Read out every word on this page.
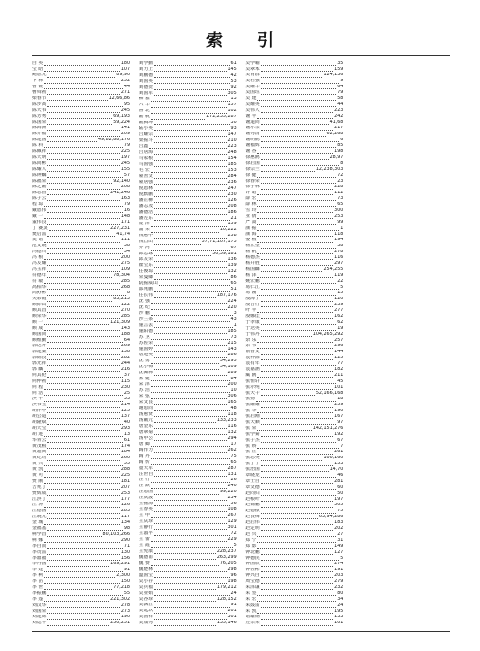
索 引
白 英	180
宝 昭	107
鲍思光	89,90
卞 林	252
曹 锐	44
曹舜初	271
柴春节	12,66,86
陈步高	95
陈大书	245
陈芳秀	69,193
陈国荣	59,224
陈海洲	141
陈介福	209
陈建国	49,82,88,176
陈 科	79
陈佩祥	225
陈天明	197
陈同彬	245
陈耀人	155
陈钟麟	57
陈福荣	92,140
陈之陆	208
陈志由	241,246
陈子云	163
程 琼	79
戴恩伟	16
戴 一	148
董伟良	171
丁 赛灵	227,231
樊启富	41,74
樊 诸	111
范文晓	38
冯德川	54
冯 根	200
冯友耀	275
冯玉祥	109
符德年	78,304
符 敏	285
高柏华	268
高野彬	8
关彩霞	83,213
顾仰山	122
顾其昌	270
顾荣华	285
顾 一	121,309
顾 成	143
顾国同	188
顾维勤	64
郭达开	269
郭建棠	138
郭锦良	282
郭光祥	244
郭 麟	216
何其伦	37
何仲初	115
何 程	230
何 浩	25
洪 平	33
洪书宝	214
胡怀中	125
胡公道	137
胡隆斌	40
胡天宝	293
胡 进	13
华青云	61
黄茂根	174
黄超尚	184
黄纪功	260
黄 兴	55
黄 凯	288
黄 可	225
贾 刚	181
吉兆丁	207
贾辉成	253
江洪丁	177
江 涛	126
江德国	283
江晓光	117
金 城	134
金福基	98
柯学昌	80,103,266
柯 娜	290
李白而	71
李贡雷	130
李鼎福	156
李丹国	169,291
李 建	91
李 柯	2,300
李 苗	150
李 世	77,218
李振鹏	55
李 蓬	221,302
刘汉华	278
刘国荣	273
刘建辉	190
刘运平	250,251
刘学勤	61
刘力上	145
刘鹏德	42
刘国英	53
刘德贺	92
刘国军	305
柳 雅	13
六 丰	157
鲁 北	102
陆 帆	172,235,287
陆腾坤	30
陆小英	93
吕耀宗	147
栾振斗	210
吕鑫	223
吕居海	248
马家根	154
马国强	185
毛 宏	153
蒙善文	284
蒙居强	236
倪恩林	247
倪默鹏	230
潘正柳	126
潘志茂	208
潘德浩	186
潘左东	21
庞 萍	159
浦 荣	10,222
钱惠中	258
钱自山	57,71,107,175
乔 河	67
邱忠球	50,59,181
邱友荣	136
瞿宝东	139
任俊琼	132
荣曼卿	86
阮振威山	65
邵兆鹏	51
任长伟	187,176
沈 强	224
沈 纪	220
沙 鹏	3
沙三茶	43
施言去	1
施阳德	185
苏 卫	73
苏佐荣	215
施国婷	143
唐进英	286
沈 勇	54,295
沈小梅	54,109
沈佩林	289
宋 婕	84
宋 泽	200
苏 浩	10
宋 弦	306
宋文良	165
谢思同	48
汤惠贤	118
汤戴元	133,233
唐金乐	116
唐翠菊	132
汤中公	294
唐 卿	17
陶作力	262
陶 丹	75
陶 忻	65
童大军	287
汪世白	131
汪 行	26
汪 跃	240
汪思国	99,220
汪庆波	234
王振海	56
王春英	108
王 中	267
王庆珍	129
王静行	301
王淑平	72
王 蕾	229
王 霞	5
王宪康	228,237
魏德甫	263,299
魏 赞	76,205
魏楚林	298
温国宝	96
吴小存	198
吴兵福	179,212
吴业娟	24
吴谷珍	128,152
吴飘仕	91
吴延玖	201
吴国祥	301
吴康秀	135,146
吴学喻	35
吴翠本	159
吴育群	124,136
吴右强	9
吴耀丰	64
吴国珏	79
吴 建	58
吴耀英	44
吴伟人	223
谢 平	242
谢道同	41,68
谢尔宗	217
谢秀清	62,268
谢明鹤	6
谢福辉	85
谢 谷	198
徐惠鸥	28,97
徐启国	8
徐宗兰	12,238,303
徐 健	72
徐春荣	23
徐子林	228
许 昭	112
薛 宏	73
薛 林	65
雪 玲	300
亚 倩	253
严 嵩	99
颜 振	1
颜 海	118
晏 根	194
杨宏望	38
杨 帆	278
杨德杰	116
杨开胜	297
杨国麟	254,255
杨 泽	119
姚宏鹏	22
易仁江	5
易 刚	15
殷海宁	120
殷台行	239
叶 平	277
殷娜佳	162
于孝康	62
于达英	19
于伟丹	104,265,292
余 乐	257
余 韦	296
俞曾文	144
袁仲源	125
袁有年	77
袁嘉涵	182
臧 鸥	211
张恒轩	45
张尔纯	101
张大千	52,166,168
张扬	18
张耀耀	259
张 华	190
张启刚	167
张天顺	97
张 荣	142,151,276
张学菊	192
张子杰	67
张 娇	7
张 正	261
张志英	100,160
张于宁	153
张治国	14,70
章晓龙	46
章士目	281
章文德	60
赵同归	50
赵根叶	197
赵锦鹏	305
赵德猷	75
赵良梅	63,94,286
赵后伟	183
赵定明	202
赵 兴	27
郑 宁	31
郑 影	149
钟北鹏	127
钟德民	5
钟国欣	274
钟佐彬	191
钟兴白	203
周宝德	279
朱泽谦	232
朱 坚	80
朱 宏	34
朱鼓雷	24
朱 凯	195
诸雄钢	133
左宗荣	101
